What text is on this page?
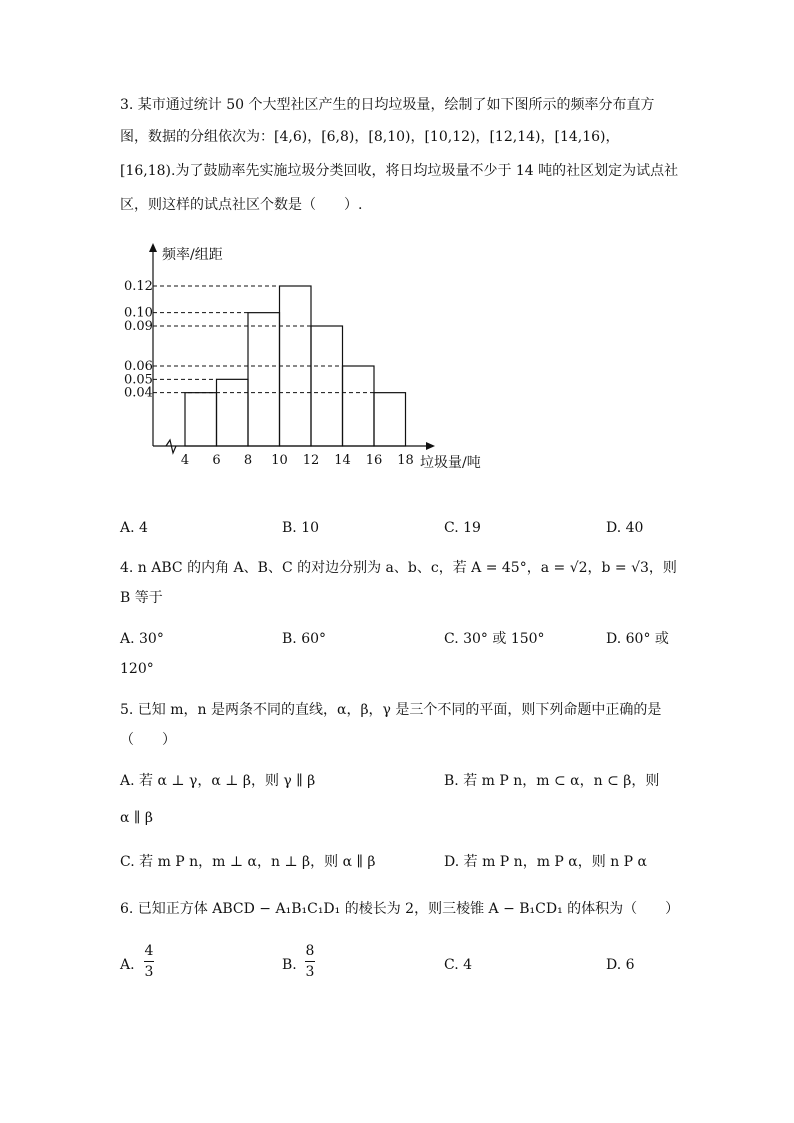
3. 某市通过统计 50 个大型社区产生的日均垃圾量，绘制了如下图所示的频率分布直方
图，数据的分组依次为：[4,6)，[6,8)，[8,10)，[10,12)，[12,14)，[14,16)，
[16,18).为了鼓励率先实施垃圾分类回收，将日均垃圾量不少于 14 吨的社区划定为试点社
区，则这样的试点社区个数是（　　）.
0.12
0.10
0.09
0.06
0.05
0.04
4 6 8 10 12 14 16 18
频率/组距
垃圾量/吨
A. 4	B. 10	C. 19	D. 40
4. n ABC 的内角 A、B、C 的对边分别为 a、b、c，若 A = 45°，a = √2，b = √3，则
B 等于
A. 30°	B. 60°	C. 30° 或 150°	D. 60° 或
120°
5. 已知 m，n 是两条不同的直线，α，β，γ 是三个不同的平面，则下列命题中正确的是
（　　）
A. 若 α ⊥ γ，α ⊥ β，则 γ ∥ β	B. 若 m P n，m ⊂ α，n ⊂ β，则
α ∥ β
C. 若 m P n，m ⊥ α，n ⊥ β，则 α ∥ β	D. 若 m P n，m P α，则 n P α
6. 已知正方体 ABCD − A₁B₁C₁D₁ 的棱长为 2，则三棱锥 A − B₁CD₁ 的体积为（　　）
A.
4
3	B.
8
3	C. 4	D. 6
